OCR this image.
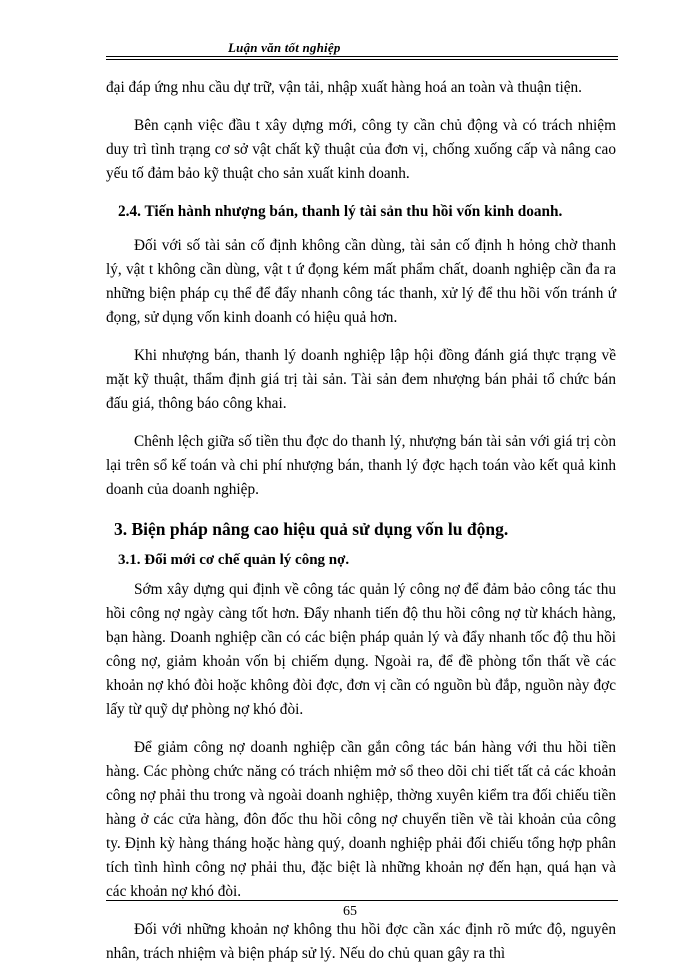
Luận văn tốt nghiệp

đại đáp ứng nhu cầu dự trữ, vận tải, nhập xuất hàng hoá an toàn và thuận tiện.

Bên cạnh việc đầu t xây dựng mới, công ty cần chủ động và có trách nhiệm duy trì tình trạng cơ sở vật chất kỹ thuật của đơn vị, chống xuống cấp và nâng cao yếu tố đảm bảo kỹ thuật cho sản xuất kinh doanh.

2.4. Tiến hành nhượng bán, thanh lý tài sản thu hồi vốn kinh doanh.

Đối với số tài sản cố định không cần dùng, tài sản cố định h hỏng chờ thanh lý, vật t không cần dùng, vật t ứ đọng kém mất phẩm chất, doanh nghiệp cần đa ra những biện pháp cụ thể để đẩy nhanh công tác thanh, xử lý để thu hồi vốn tránh ứ đọng, sử dụng vốn kinh doanh có hiệu quả hơn.

Khi nhượng bán, thanh lý doanh nghiệp lập hội đồng đánh giá thực trạng về mặt kỹ thuật, thẩm định giá trị tài sản. Tài sản đem nhượng bán phải tổ chức bán đấu giá, thông báo công khai.

Chênh lệch giữa số tiền thu đợc do thanh lý, nhượng bán tài sản với giá trị còn lại trên sổ kế toán và chi phí nhượng bán, thanh lý đợc hạch toán vào kết quả kinh doanh của doanh nghiệp.

3. Biện pháp nâng cao hiệu quả sử dụng vốn lu động.
3.1. Đổi mới cơ chế quản lý công nợ.

Sớm xây dựng qui định về công tác quản lý công nợ để đảm bảo công tác thu hồi công nợ ngày càng tốt hơn. Đẩy nhanh tiến độ thu hồi công nợ từ khách hàng, bạn hàng. Doanh nghiệp cần có các biện pháp quản lý và đẩy nhanh tốc độ thu hồi công nợ, giảm khoản vốn bị chiếm dụng. Ngoài ra, để đề phòng tổn thất về các khoản nợ khó đòi hoặc không đòi đợc, đơn vị cần có nguồn bù đắp, nguồn này đợc lấy từ quỹ dự phòng nợ khó đòi.

Để giảm công nợ doanh nghiệp cần gắn công tác bán hàng với thu hồi tiền hàng. Các phòng chức năng có trách nhiệm mở sổ theo dõi chi tiết tất cả các khoản công nợ phải thu trong và ngoài doanh nghiệp, thờng xuyên kiểm tra đối chiếu tiền hàng ở các cửa hàng, đôn đốc thu hồi công nợ chuyển tiền về tài khoản của công ty. Định kỳ hàng tháng hoặc hàng quý, doanh nghiệp phải đối chiếu tổng hợp phân tích tình hình công nợ phải thu, đặc biệt là những khoản nợ đến hạn, quá hạn và các khoản nợ khó đòi.

Đối với những khoản nợ không thu hồi đợc cần xác định rõ mức độ, nguyên nhân, trách nhiệm và biện pháp sử lý. Nếu do chủ quan gây ra thì

65
